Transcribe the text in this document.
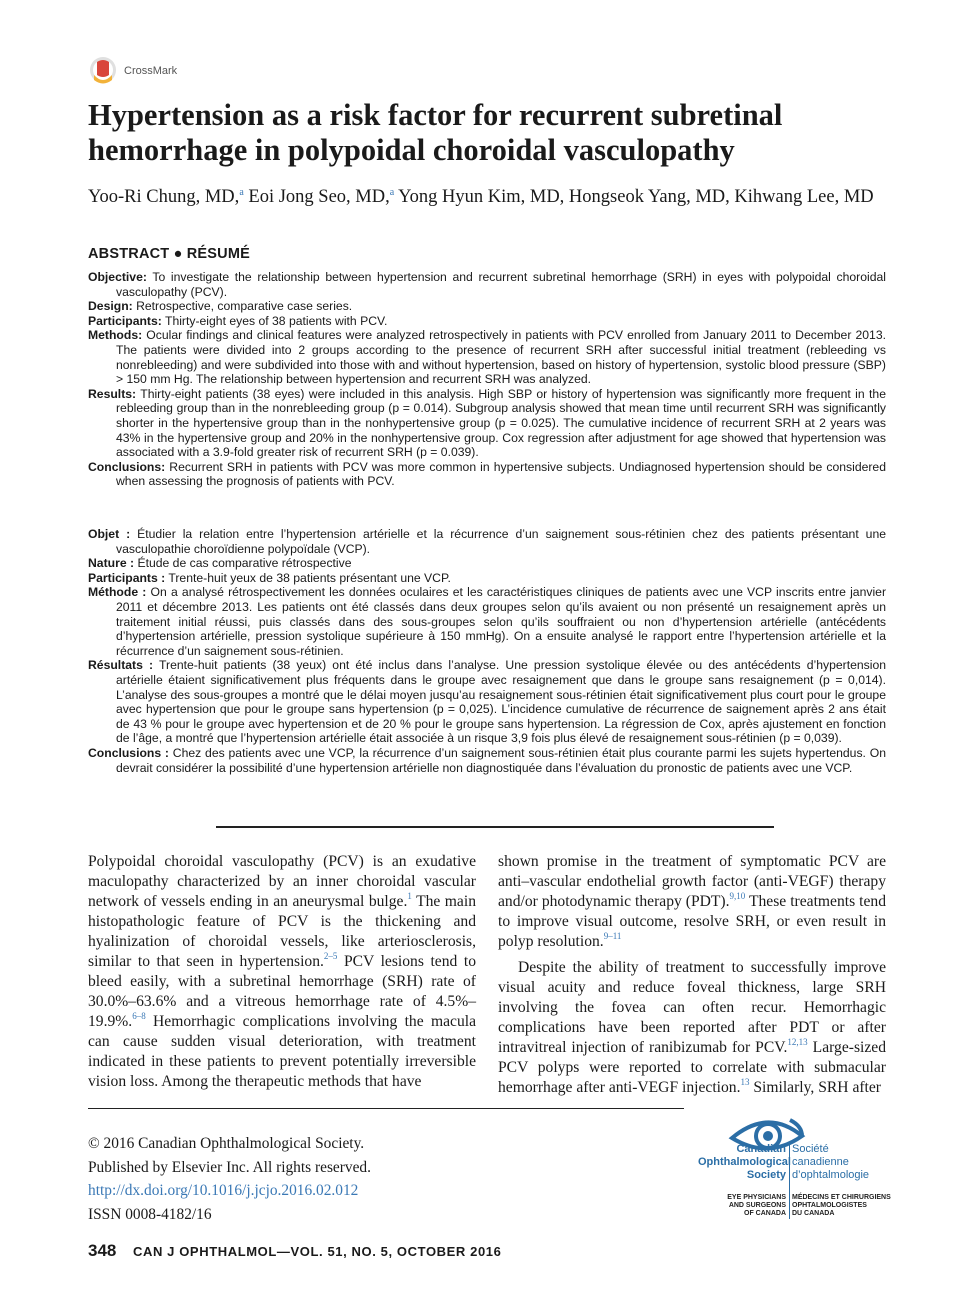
CrossMark
Hypertension as a risk factor for recurrent subretinal hemorrhage in polypoidal choroidal vasculopathy
Yoo-Ri Chung, MD,$^a$ Eoi Jong Seo, MD,$^a$ Yong Hyun Kim, MD, Hongseok Yang, MD, Kihwang Lee, MD
ABSTRACT ● RÉSUMÉ
Objective: To investigate the relationship between hypertension and recurrent subretinal hemorrhage (SRH) in eyes with polypoidal choroidal vasculopathy (PCV).
Design: Retrospective, comparative case series.
Participants: Thirty-eight eyes of 38 patients with PCV.
Methods: Ocular findings and clinical features were analyzed retrospectively in patients with PCV enrolled from January 2011 to December 2013. The patients were divided into 2 groups according to the presence of recurrent SRH after successful initial treatment (rebleeding vs nonrebleeding) and were subdivided into those with and without hypertension, based on history of hypertension, systolic blood pressure (SBP) > 150 mm Hg. The relationship between hypertension and recurrent SRH was analyzed.
Results: Thirty-eight patients (38 eyes) were included in this analysis. High SBP or history of hypertension was significantly more frequent in the rebleeding group than in the nonrebleeding group (p = 0.014). Subgroup analysis showed that mean time until recurrent SRH was significantly shorter in the hypertensive group than in the nonhypertensive group (p = 0.025). The cumulative incidence of recurrent SRH at 2 years was 43% in the hypertensive group and 20% in the nonhypertensive group. Cox regression after adjustment for age showed that hypertension was associated with a 3.9-fold greater risk of recurrent SRH (p = 0.039).
Conclusions: Recurrent SRH in patients with PCV was more common in hypertensive subjects. Undiagnosed hypertension should be considered when assessing the prognosis of patients with PCV.
Objet : Étudier la relation entre l’hypertension artérielle et la récurrence d’un saignement sous-rétinien chez des patients présentant une vasculopathie choroïdienne polypoïdale (VCP).
Nature : Étude de cas comparative rétrospective
Participants : Trente-huit yeux de 38 patients présentant une VCP.
Méthode : On a analysé rétrospectivement les données oculaires et les caractéristiques cliniques de patients avec une VCP inscrits entre janvier 2011 et décembre 2013. Les patients ont été classés dans deux groupes selon qu’ils avaient ou non présenté un resaignement après un traitement initial réussi, puis classés dans des sous-groupes selon qu’ils souffraient ou non d’hypertension artérielle (antécédents d’hypertension artérielle, pression systolique supérieure à 150 mmHg). On a ensuite analysé le rapport entre l’hypertension artérielle et la récurrence d’un saignement sous-rétinien.
Résultats : Trente-huit patients (38 yeux) ont été inclus dans l’analyse. Une pression systolique élevée ou des antécédents d’hypertension artérielle étaient significativement plus fréquents dans le groupe avec resaignement que dans le groupe sans resaignement (p = 0,014). L’analyse des sous-groupes a montré que le délai moyen jusqu’au resaignement sous-rétinien était significativement plus court pour le groupe avec hypertension que pour le groupe sans hypertension (p = 0,025). L’incidence cumulative de récurrence de saignement après 2 ans était de 43 % pour le groupe avec hypertension et de 20 % pour le groupe sans hypertension. La régression de Cox, après ajustement en fonction de l’âge, a montré que l’hypertension artérielle était associée à un risque 3,9 fois plus élevé de resaignement sous-rétinien (p = 0,039).
Conclusions : Chez des patients avec une VCP, la récurrence d’un saignement sous-rétinien était plus courante parmi les sujets hypertendus. On devrait considérer la possibilité d’une hypertension artérielle non diagnostiquée dans l’évaluation du pronostic de patients avec une VCP.

Polypoidal choroidal vasculopathy (PCV) is an exudative maculopathy characterized by an inner choroidal vascular network of vessels ending in an aneurysmal bulge.$^1$ The main histopathologic feature of PCV is the thickening and hyalinization of choroidal vessels, like arteriosclerosis, similar to that seen in hypertension.$^{2-5}$ PCV lesions tend to bleed easily, with a subretinal hemorrhage (SRH) rate of 30.0%–63.6% and a vitreous hemorrhage rate of 4.5%–19.9%.$^{6-8}$ Hemorrhagic complications involving the macula can cause sudden visual deterioration, with treatment indicated in these patients to prevent potentially irreversible vision loss. Among the therapeutic methods that have

shown promise in the treatment of symptomatic PCV are anti–vascular endothelial growth factor (anti-VEGF) therapy and/or photodynamic therapy (PDT).$^{9,10}$ These treatments tend to improve visual outcome, resolve SRH, or even result in polyp resolution.$^{9-11}$

Despite the ability of treatment to successfully improve visual acuity and reduce foveal thickness, large SRH involving the fovea can often recur. Hemorrhagic complications have been reported after PDT or after intravitreal injection of ranibizumab for PCV.$^{12,13}$ Large-sized PCV polyps were reported to correlate with submacular hemorrhage after anti-VEGF injection.$^{13}$ Similarly, SRH after

© 2016 Canadian Ophthalmological Society.
Published by Elsevier Inc. All rights reserved.
http://dx.doi.org/10.1016/j.jcjo.2016.02.012
ISSN 0008-4182/16
Canadian
Ophthalmological
Society
Société
canadienne
d’ophtalmologie
EYE PHYSICIANS
AND SURGEONS
OF CANADA
MÉDECINS ET CHIRURGIENS
OPHTALMOLOGISTES
DU CANADA
348 CAN J OPHTHALMOL—VOL. 51, NO. 5, OCTOBER 2016
